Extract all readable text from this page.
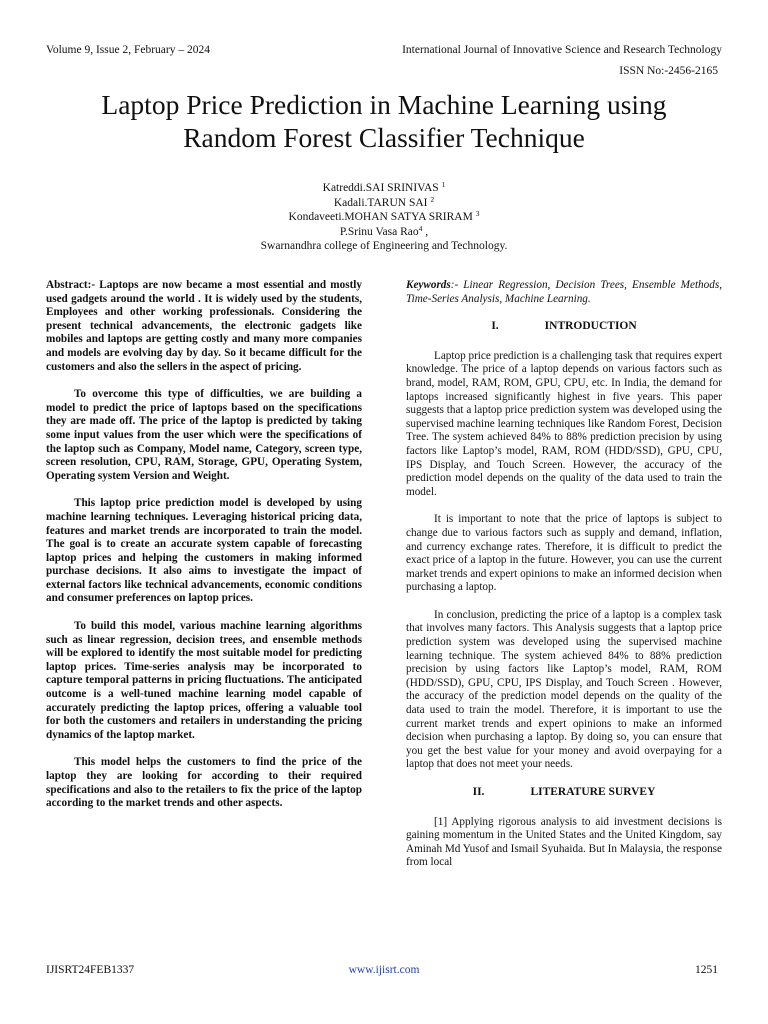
Volume 9, Issue 2, February – 2024	International Journal of Innovative Science and Research Technology
ISSN No:-2456-2165
Laptop Price Prediction in Machine Learning using
Random Forest Classifier Technique
Katreddi.SAI SRINIVAS $^1$
Kadali.TARUN SAI $^2$
Kondaveeti.MOHAN SATYA SRIRAM $^3$
P.Srinu Vasa Rao$^4$ ,
Swarnandhra college of Engineering and Technology.

Abstract:- Laptops are now became a most essential and mostly used gadgets around the world . It is widely used by the students, Employees and other working professionals. Considering the present technical advancements, the electronic gadgets like mobiles and laptops are getting costly and many more companies and models are evolving day by day. So it became difficult for the customers and also the sellers in the aspect of pricing.

To overcome this type of difficulties, we are building a model to predict the price of laptops based on the specifications they are made off. The price of the laptop is predicted by taking some input values from the user which were the specifications of the laptop such as Company, Model name, Category, screen type, screen resolution, CPU, RAM, Storage, GPU, Operating System, Operating system Version and Weight.

This laptop price prediction model is developed by using machine learning techniques. Leveraging historical pricing data, features and market trends are incorporated to train the model. The goal is to create an accurate system capable of forecasting laptop prices and helping the customers in making informed purchase decisions. It also aims to investigate the impact of external factors like technical advancements, economic conditions and consumer preferences on laptop prices.

To build this model, various machine learning algorithms such as linear regression, decision trees, and ensemble methods will be explored to identify the most suitable model for predicting laptop prices. Time-series analysis may be incorporated to capture temporal patterns in pricing fluctuations. The anticipated outcome is a well-tuned machine learning model capable of accurately predicting the laptop prices, offering a valuable tool for both the customers and retailers in understanding the pricing dynamics of the laptop market.

This model helps the customers to find the price of the laptop they are looking for according to their required specifications and also to the retailers to fix the price of the laptop according to the market trends and other aspects.

Keywords:- Linear Regression, Decision Trees, Ensemble Methods, Time-Series Analysis, Machine Learning.

I.	INTRODUCTION

Laptop price prediction is a challenging task that requires expert knowledge. The price of a laptop depends on various factors such as brand, model, RAM, ROM, GPU, CPU, etc. In India, the demand for laptops increased significantly highest in five years. This paper suggests that a laptop price prediction system was developed using the supervised machine learning techniques like Random Forest, Decision Tree. The system achieved 84% to 88% prediction precision by using factors like Laptop’s model, RAM, ROM (HDD/SSD), GPU, CPU, IPS Display, and Touch Screen. However, the accuracy of the prediction model depends on the quality of the data used to train the model.

It is important to note that the price of laptops is subject to change due to various factors such as supply and demand, inflation, and currency exchange rates. Therefore, it is difficult to predict the exact price of a laptop in the future. However, you can use the current market trends and expert opinions to make an informed decision when purchasing a laptop.

In conclusion, predicting the price of a laptop is a complex task that involves many factors. This Analysis suggests that a laptop price prediction system was developed using the supervised machine learning technique. The system achieved 84% to 88% prediction precision by using factors like Laptop’s model, RAM, ROM (HDD/SSD), GPU, CPU, IPS Display, and Touch Screen . However, the accuracy of the prediction model depends on the quality of the data used to train the model. Therefore, it is important to use the current market trends and expert opinions to make an informed decision when purchasing a laptop. By doing so, you can ensure that you get the best value for your money and avoid overpaying for a laptop that does not meet your needs.

II.	LITERATURE SURVEY

[1] Applying rigorous analysis to aid investment decisions is gaining momentum in the United States and the United Kingdom, say Aminah Md Yusof and Ismail Syuhaida. But In Malaysia, the response from local

IJISRT24FEB1337	www.ijisrt.com	1251
